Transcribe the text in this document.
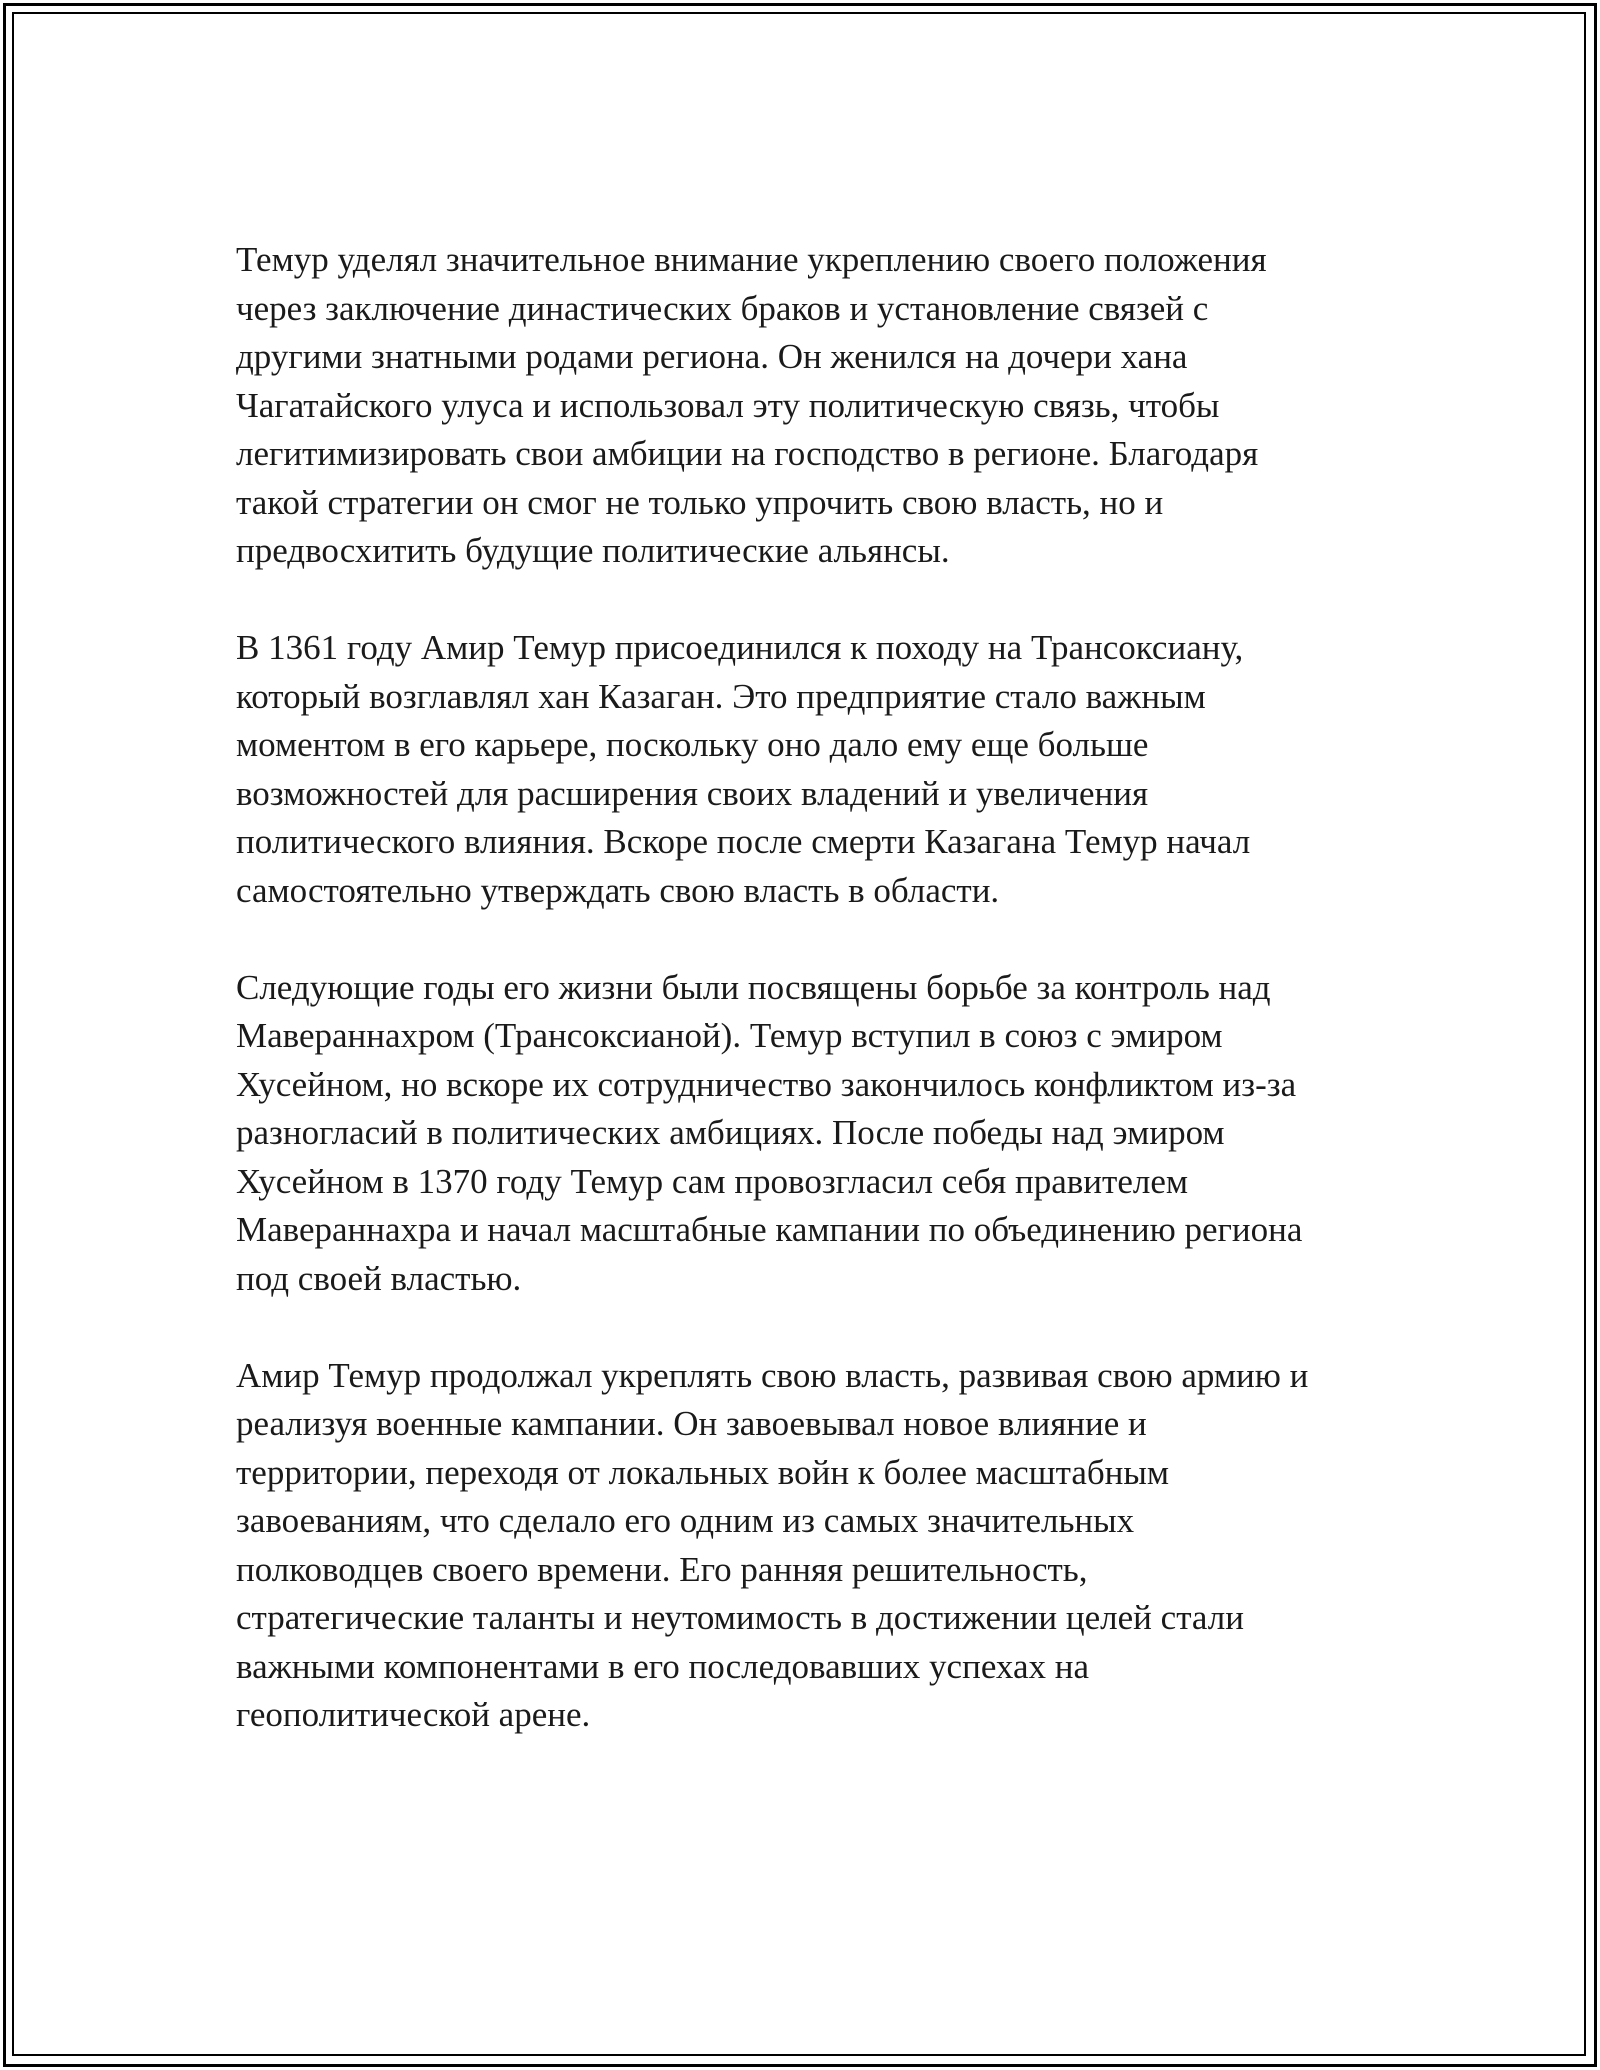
Темур уделял значительное внимание укреплению своего положения
через заключение династических браков и установление связей с
другими знатными родами региона. Он женился на дочери хана
Чагатайского улуса и использовал эту политическую связь, чтобы
легитимизировать свои амбиции на господство в регионе. Благодаря
такой стратегии он смог не только упрочить свою власть, но и
предвосхитить будущие политические альянсы.

В 1361 году Амир Темур присоединился к походу на Трансоксиану,
который возглавлял хан Казаган. Это предприятие стало важным
моментом в его карьере, поскольку оно дало ему еще больше
возможностей для расширения своих владений и увеличения
политического влияния. Вскоре после смерти Казагана Темур начал
самостоятельно утверждать свою власть в области.

Следующие годы его жизни были посвящены борьбе за контроль над
Мавераннахром (Трансоксианой). Темур вступил в союз с эмиром
Хусейном, но вскоре их сотрудничество закончилось конфликтом из-за
разногласий в политических амбициях. После победы над эмиром
Хусейном в 1370 году Темур сам провозгласил себя правителем
Мавераннахра и начал масштабные кампании по объединению региона
под своей властью.

Амир Темур продолжал укреплять свою власть, развивая свою армию и
реализуя военные кампании. Он завоевывал новое влияние и
территории, переходя от локальных войн к более масштабным
завоеваниям, что сделало его одним из самых значительных
полководцев своего времени. Его ранняя решительность,
стратегические таланты и неутомимость в достижении целей стали
важными компонентами в его последовавших успехах на
геополитической арене.
